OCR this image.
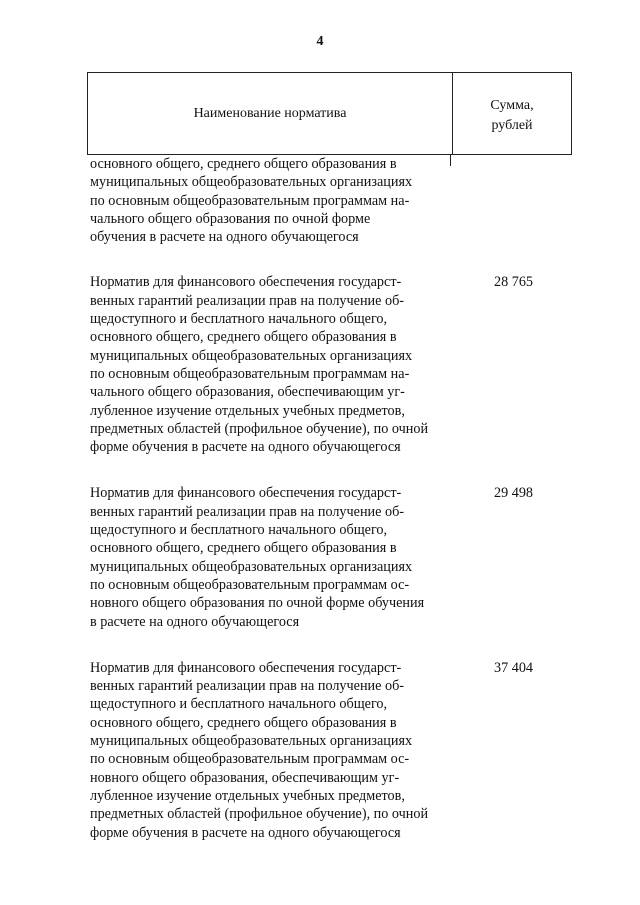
4
Наименование норматива
Сумма,
рублей
основного общего, среднего общего образования в
муниципальных общеобразовательных организациях
по основным общеобразовательным программам на-
чального общего образования по очной форме
обучения в расчете на одного обучающегося
Норматив для финансового обеспечения государст-
венных гарантий реализации прав на получение об-
щедоступного и бесплатного начального общего,
основного общего, среднего общего образования в
муниципальных общеобразовательных организациях
по основным общеобразовательным программам на-
чального общего образования, обеспечивающим уг-
лубленное изучение отдельных учебных предметов,
предметных областей (профильное обучение), по очной
форме обучения в расчете на одного обучающегося
28 765
Норматив для финансового обеспечения государст-
венных гарантий реализации прав на получение об-
щедоступного и бесплатного начального общего,
основного общего, среднего общего образования в
муниципальных общеобразовательных организациях
по основным общеобразовательным программам ос-
новного общего образования по очной форме обучения
в расчете на одного обучающегося
29 498
Норматив для финансового обеспечения государст-
венных гарантий реализации прав на получение об-
щедоступного и бесплатного начального общего,
основного общего, среднего общего образования в
муниципальных общеобразовательных организациях
по основным общеобразовательным программам ос-
новного общего образования, обеспечивающим уг-
лубленное изучение отдельных учебных предметов,
предметных областей (профильное обучение), по очной
форме обучения в расчете на одного обучающегося
37 404
